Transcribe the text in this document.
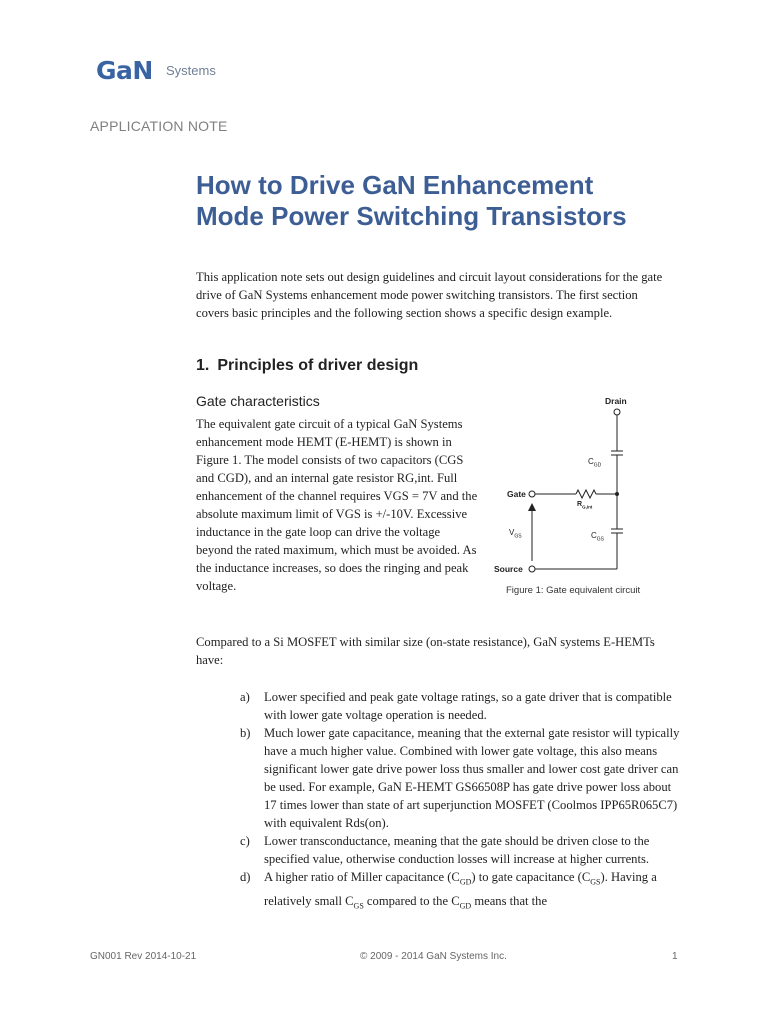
GaN Systems
APPLICATION NOTE
How to Drive GaN Enhancement
Mode Power Switching Transistors

This application note sets out design guidelines and circuit layout considerations for the gate drive of GaN Systems enhancement mode power switching transistors. The first section covers basic principles and the following section shows a specific design example.

1. Principles of driver design
Gate characteristics

The equivalent gate circuit of a typical GaN Systems enhancement mode HEMT (E-HEMT) is shown in Figure 1. The model consists of two capacitors (CGS and CGD), and an internal gate resistor RG,int. Full enhancement of the channel requires VGS = 7V and the absolute maximum limit of VGS is +/-10V. Excessive inductance in the gate loop can drive the voltage beyond the rated maximum, which must be avoided. As the inductance increases, so does the ringing and peak voltage.

Drain
Gate
Source
$C_{GD}$
$R_{G,int}$
$C_{GS}$
$V_{GS}$
Figure 1: Gate equivalent circuit

Compared to a Si MOSFET with similar size (on-state resistance), GaN systems E-HEMTs have:

a) Lower specified and peak gate voltage ratings, so a gate driver that is compatible with lower gate voltage operation is needed.
b) Much lower gate capacitance, meaning that the external gate resistor will typically have a much higher value. Combined with lower gate voltage, this also means significant lower gate drive power loss thus smaller and lower cost gate driver can be used. For example, GaN E-HEMT GS66508P has gate drive power loss about 17 times lower than state of art superjunction MOSFET (Coolmos IPP65R065C7) with equivalent Rds(on).
c) Lower transconductance, meaning that the gate should be driven close to the specified value, otherwise conduction losses will increase at higher currents.
d) A higher ratio of Miller capacitance $(C_{GD})$ to gate capacitance $(C_{GS})$. Having a relatively small $C_{GS}$ compared to the $C_{GD}$ means that the
GN001 Rev 2014-10-21	© 2009 - 2014 GaN Systems Inc.	1
